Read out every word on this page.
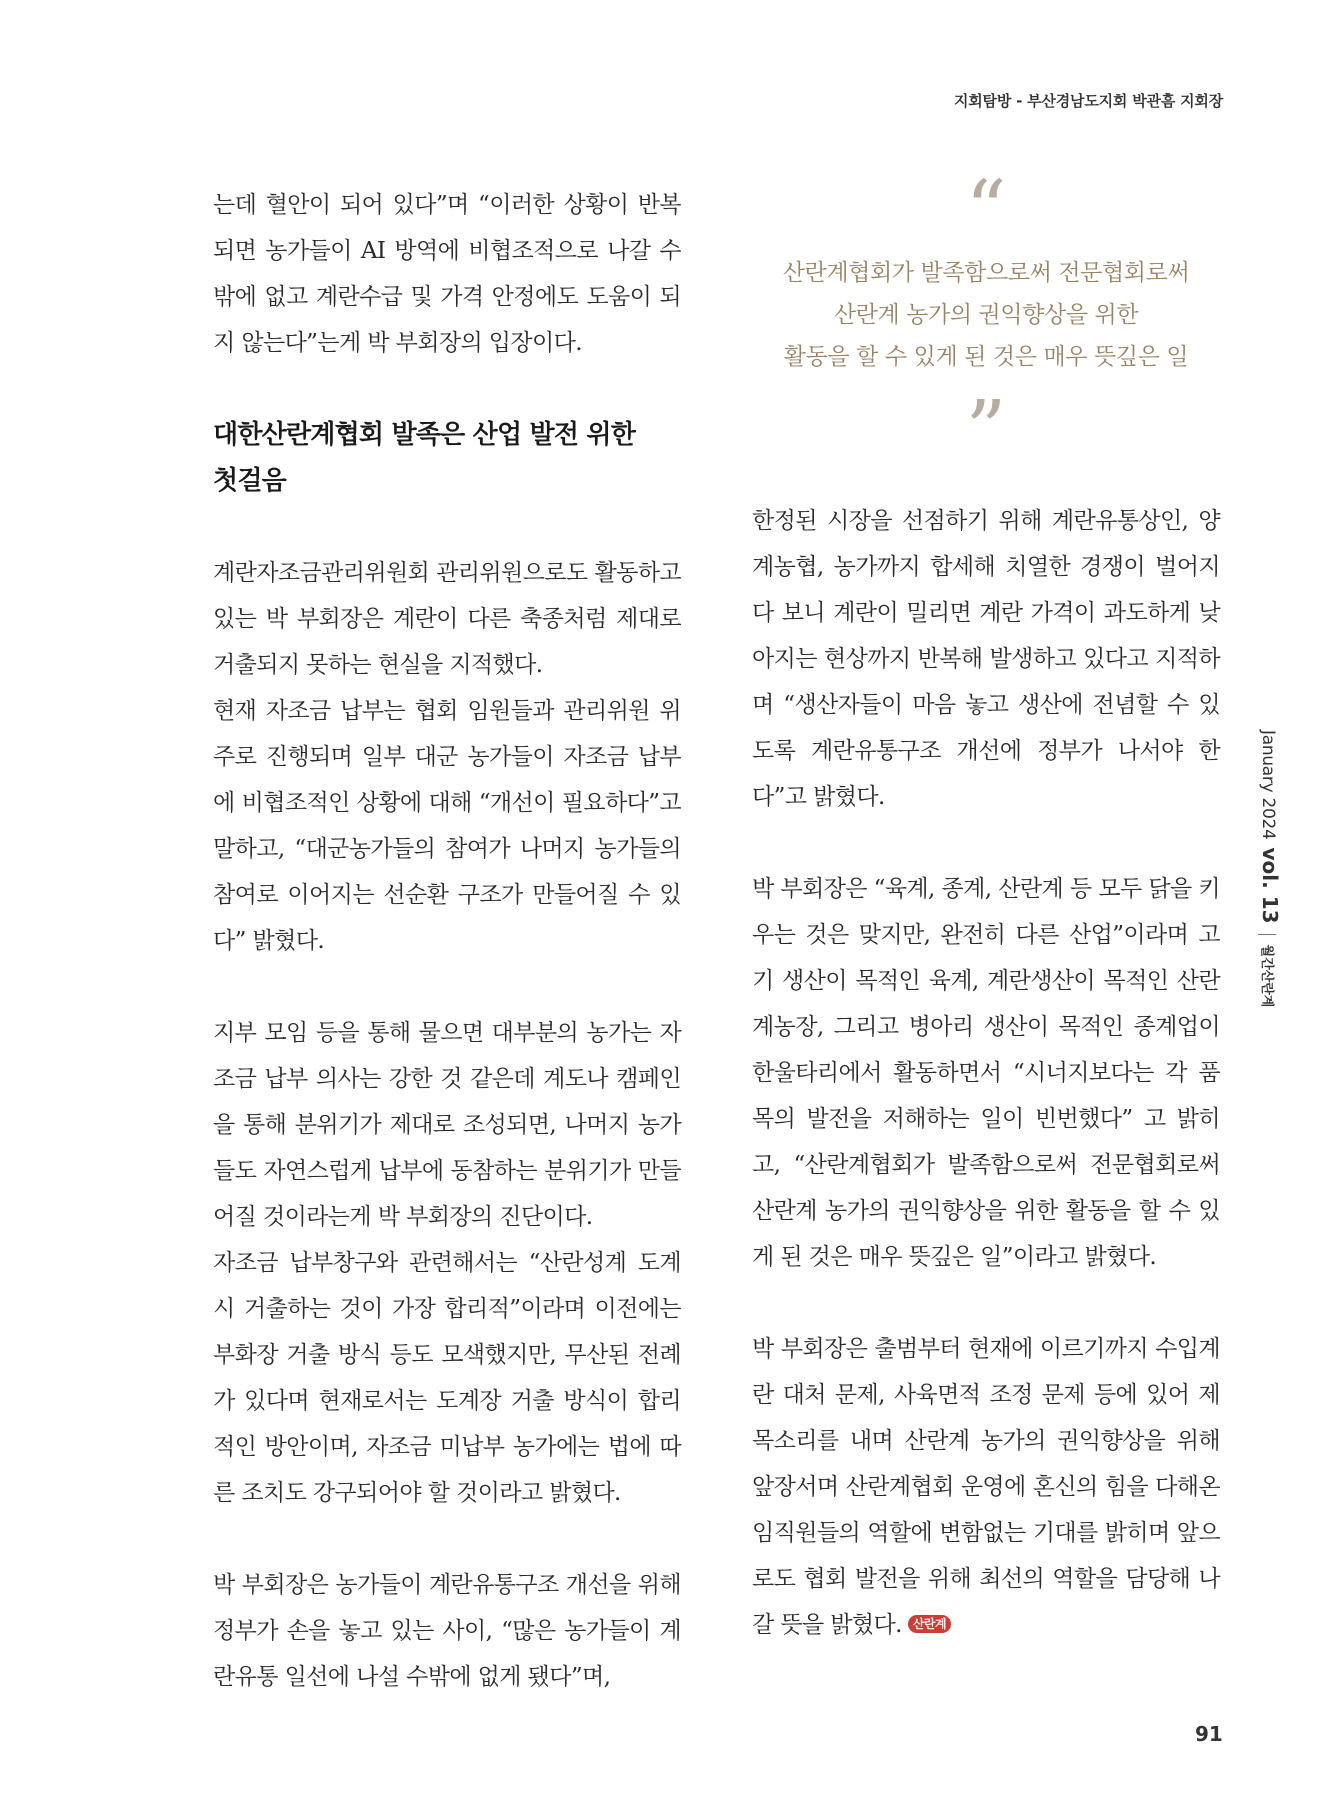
지회탐방 - 부산경남도지회 박관흠 지회장

는데 혈안이 되어 있다”며 “이러한 상황이 반복되면 농가들이 AI 방역에 비협조적으로 나갈 수밖에 없고 계란수급 및 가격 안정에도 도움이 되지 않는다”는게 박 부회장의 입장이다.

대한산란계협회 발족은 산업 발전 위한
첫걸음

계란자조금관리위원회 관리위원으로도 활동하고 있는 박 부회장은 계란이 다른 축종처럼 제대로 거출되지 못하는 현실을 지적했다.

현재 자조금 납부는 협회 임원들과 관리위원 위주로 진행되며 일부 대군 농가들이 자조금 납부에 비협조적인 상황에 대해 “개선이 필요하다”고 말하고, “대군농가들의 참여가 나머지 농가들의 참여로 이어지는 선순환 구조가 만들어질 수 있다” 밝혔다.

지부 모임 등을 통해 물으면 대부분의 농가는 자조금 납부 의사는 강한 것 같은데 계도나 캠페인을 통해 분위기가 제대로 조성되면, 나머지 농가들도 자연스럽게 납부에 동참하는 분위기가 만들어질 것이라는게 박 부회장의 진단이다.

자조금 납부창구와 관련해서는 “산란성계 도계시 거출하는 것이 가장 합리적”이라며 이전에는 부화장 거출 방식 등도 모색했지만, 무산된 전례가 있다며 현재로서는 도계장 거출 방식이 합리적인 방안이며, 자조금 미납부 농가에는 법에 따른 조치도 강구되어야 할 것이라고 밝혔다.

박 부회장은 농가들이 계란유통구조 개선을 위해 정부가 손을 놓고 있는 사이, “많은 농가들이 계란유통 일선에 나설 수밖에 없게 됐다”며,

“
산란계협회가 발족함으로써 전문협회로써
산란계 농가의 권익향상을 위한
활동을 할 수 있게 된 것은 매우 뜻깊은 일
”

한정된 시장을 선점하기 위해 계란유통상인, 양계농협, 농가까지 합세해 치열한 경쟁이 벌어지다 보니 계란이 밀리면 계란 가격이 과도하게 낮아지는 현상까지 반복해 발생하고 있다고 지적하며 “생산자들이 마음 놓고 생산에 전념할 수 있도록 계란유통구조 개선에 정부가 나서야 한다”고 밝혔다.

박 부회장은 “육계, 종계, 산란계 등 모두 닭을 키우는 것은 맞지만, 완전히 다른 산업”이라며 고기 생산이 목적인 육계, 계란생산이 목적인 산란계농장, 그리고 병아리 생산이 목적인 종계업이 한울타리에서 활동하면서 “시너지보다는 각 품목의 발전을 저해하는 일이 빈번했다” 고 밝히고, “산란계협회가 발족함으로써 전문협회로써 산란계 농가의 권익향상을 위한 활동을 할 수 있게 된 것은 매우 뜻깊은 일”이라고 밝혔다.

박 부회장은 출범부터 현재에 이르기까지 수입계란 대처 문제, 사육면적 조정 문제 등에 있어 제목소리를 내며 산란계 농가의 권익향상을 위해 앞장서며 산란계협회 운영에 혼신의 힘을 다해온 임직원들의 역할에 변함없는 기대를 밝히며 앞으로도 협회 발전을 위해 최선의 역할을 담당해 나갈 뜻을 밝혔다. 산란계

January 2024vol. 13월간산란계
91
